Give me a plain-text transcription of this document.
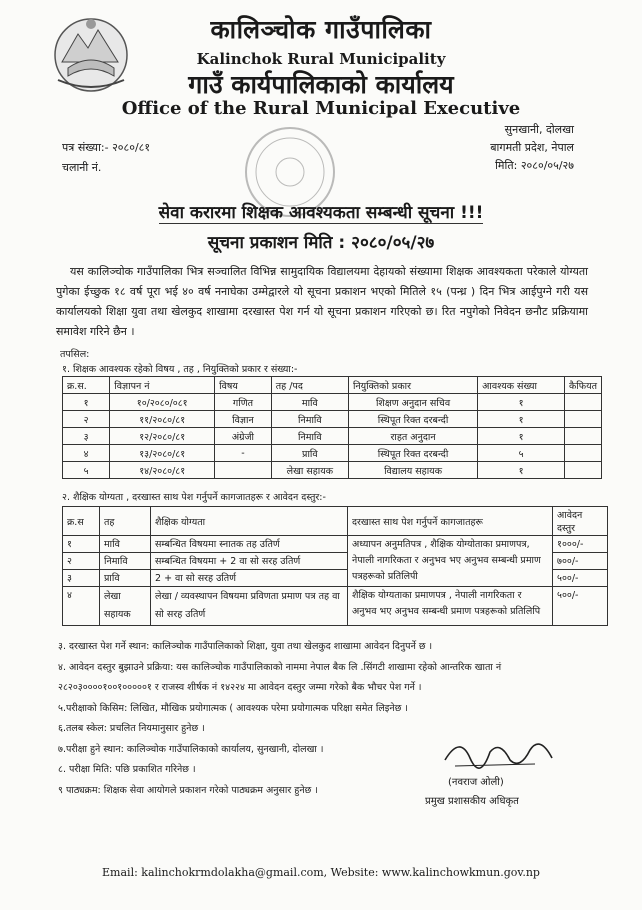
कालिञ्चोक गाउँपालिका
Kalinchok Rural Municipality
गाउँ कार्यपालिकाको कार्यालय
Office of the Rural Municipal Executive
पत्र संख्या:- २०८०/८१
चलानी नं.
सुनखानी, दोलखा
बागमती प्रदेश, नेपाल
मिति: २०८०/०५/२७
सेवा करारमा शिक्षक आवश्यकता सम्बन्धी सूचना !!!
सूचना प्रकाशन मिति : २०८०/०५/२७
यस कालिञ्चोक गाउँपालिका भित्र सञ्चालित विभिन्न सामुदायिक विद्यालयमा देहायको संख्यामा शिक्षक आवश्यकता परेकाले योग्यता पुगेका ईच्छुक १८ वर्ष पूरा भई ४० वर्ष ननाघेका उम्मेद्वारले यो सूचना प्रकाशन भएको मितिले १५ (पन्ध्र ) दिन भित्र आईपुग्ने गरी यस कार्यालयको शिक्षा युवा तथा खेलकुद शाखामा दरखास्त पेश गर्न यो सूचना प्रकाशन गरिएको छ। रित नपुगेको निवेदन छनौट प्रक्रियामा समावेश गरिने छैन ।
तपसिल:
१. शिक्षक आवश्यक रहेको विषय , तह , नियुक्तिको प्रकार र संख्या:-
क्र.स.	विज्ञापन नं	विषय	तह /पद	नियुक्तिको प्रकार	आवश्यक संख्या	कैफियत
१	१०/२०८०/०८१	गणित	मावि	शिक्षण अनुदान सचिव	१	
२	११/२०८०/८१	विज्ञान	निमावि	स्थिपूत रिक्त दरबन्दी	१	
३	१२/२०८०/८१	अंग्रेजी	निमावि	राहत अनुदान	१	
४	१३/२०८०/८१	-	प्रावि	स्थिपूत रिक्त दरबन्दी	५	
५	१४/२०८०/८१		लेखा सहायक	विद्यालय सहायक	१	
२. शैक्षिक योग्यता , दरखास्त साथ पेश गर्नुपर्ने कागजातहरू र आवेदन दस्तुर:-
क्र.स	तह	शैक्षिक योग्यता	दरखास्त साथ पेश गर्नुपर्ने कागजातहरू	आवेदन दस्तुर
१	मावि	सम्बन्धित विषयमा स्नातक तह उतिर्ण	अध्यापन अनुमतिपत्र , शैक्षिक योग्योताका प्रमाणपत्र, नेपाली नागरिकता र अनुभव भए अनुभव सम्बन्धी प्रमाण पत्रहरूको प्रतिलिपी	१०००/-
२	निमावि	सम्बन्धित विषयमा + 2 वा सो सरह उतिर्ण		७००/-
३	प्रावि	2 + वा सो सरह उतिर्ण		५००/-
४	लेखा सहायक	लेखा / व्यवस्थापन विषयमा प्रविणता प्रमाण पत्र तह वा सो सरह उतिर्ण	शैक्षिक योग्यताका प्रमाणपत्र , नेपाली नागरिकता र अनुभव भए अनुभव सम्बन्धी प्रमाण पत्रहरूको प्रतिलिपि	५००/-
३. दरखास्त पेश गर्ने स्थान: कालिञ्चोक गाउँपालिकाको शिक्षा, युवा तथा खेलकुद शाखामा आवेदन दिनुपर्ने छ ।
४. आवेदन दस्तुर बुझाउने प्रक्रिया: यस कालिञ्चोक गाउँपालिकाको नाममा नेपाल बैक लि .सिंगटी शाखामा रहेको आन्तरिक खाता नं
२८२०३००००१००१०००००१ र राजस्व शीर्षक नं १४२२४ मा आवेदन दस्तुर जम्मा गरेको बैक भौचर पेश गर्ने ।
५.परीक्षाको किसिम: लिखित, मौखिक प्रयोगात्मक ( आवश्यक परेमा प्रयोगात्मक परिक्षा समेत लिइनेछ ।
६.तलब स्केल: प्रचलित नियमानुसार हुनेछ ।
७.परीक्षा हुने स्थान: कालिञ्चोक गाउँपालिकाको कार्यालय, सुनखानी, दोलखा ।
८. परीक्षा मिति: पछि प्रकाशित गरिनेछ ।
९ पाठ्यक्रम: शिक्षक सेवा आयोगले प्रकाशन गरेको पाठ्यक्रम अनुसार हुनेछ ।
(नवराज ओली)
प्रमुख प्रशासकीय अधिकृत
Email: kalinchokrmdolakha@gmail.com, Website: www.kalinchowkmun.gov.np
